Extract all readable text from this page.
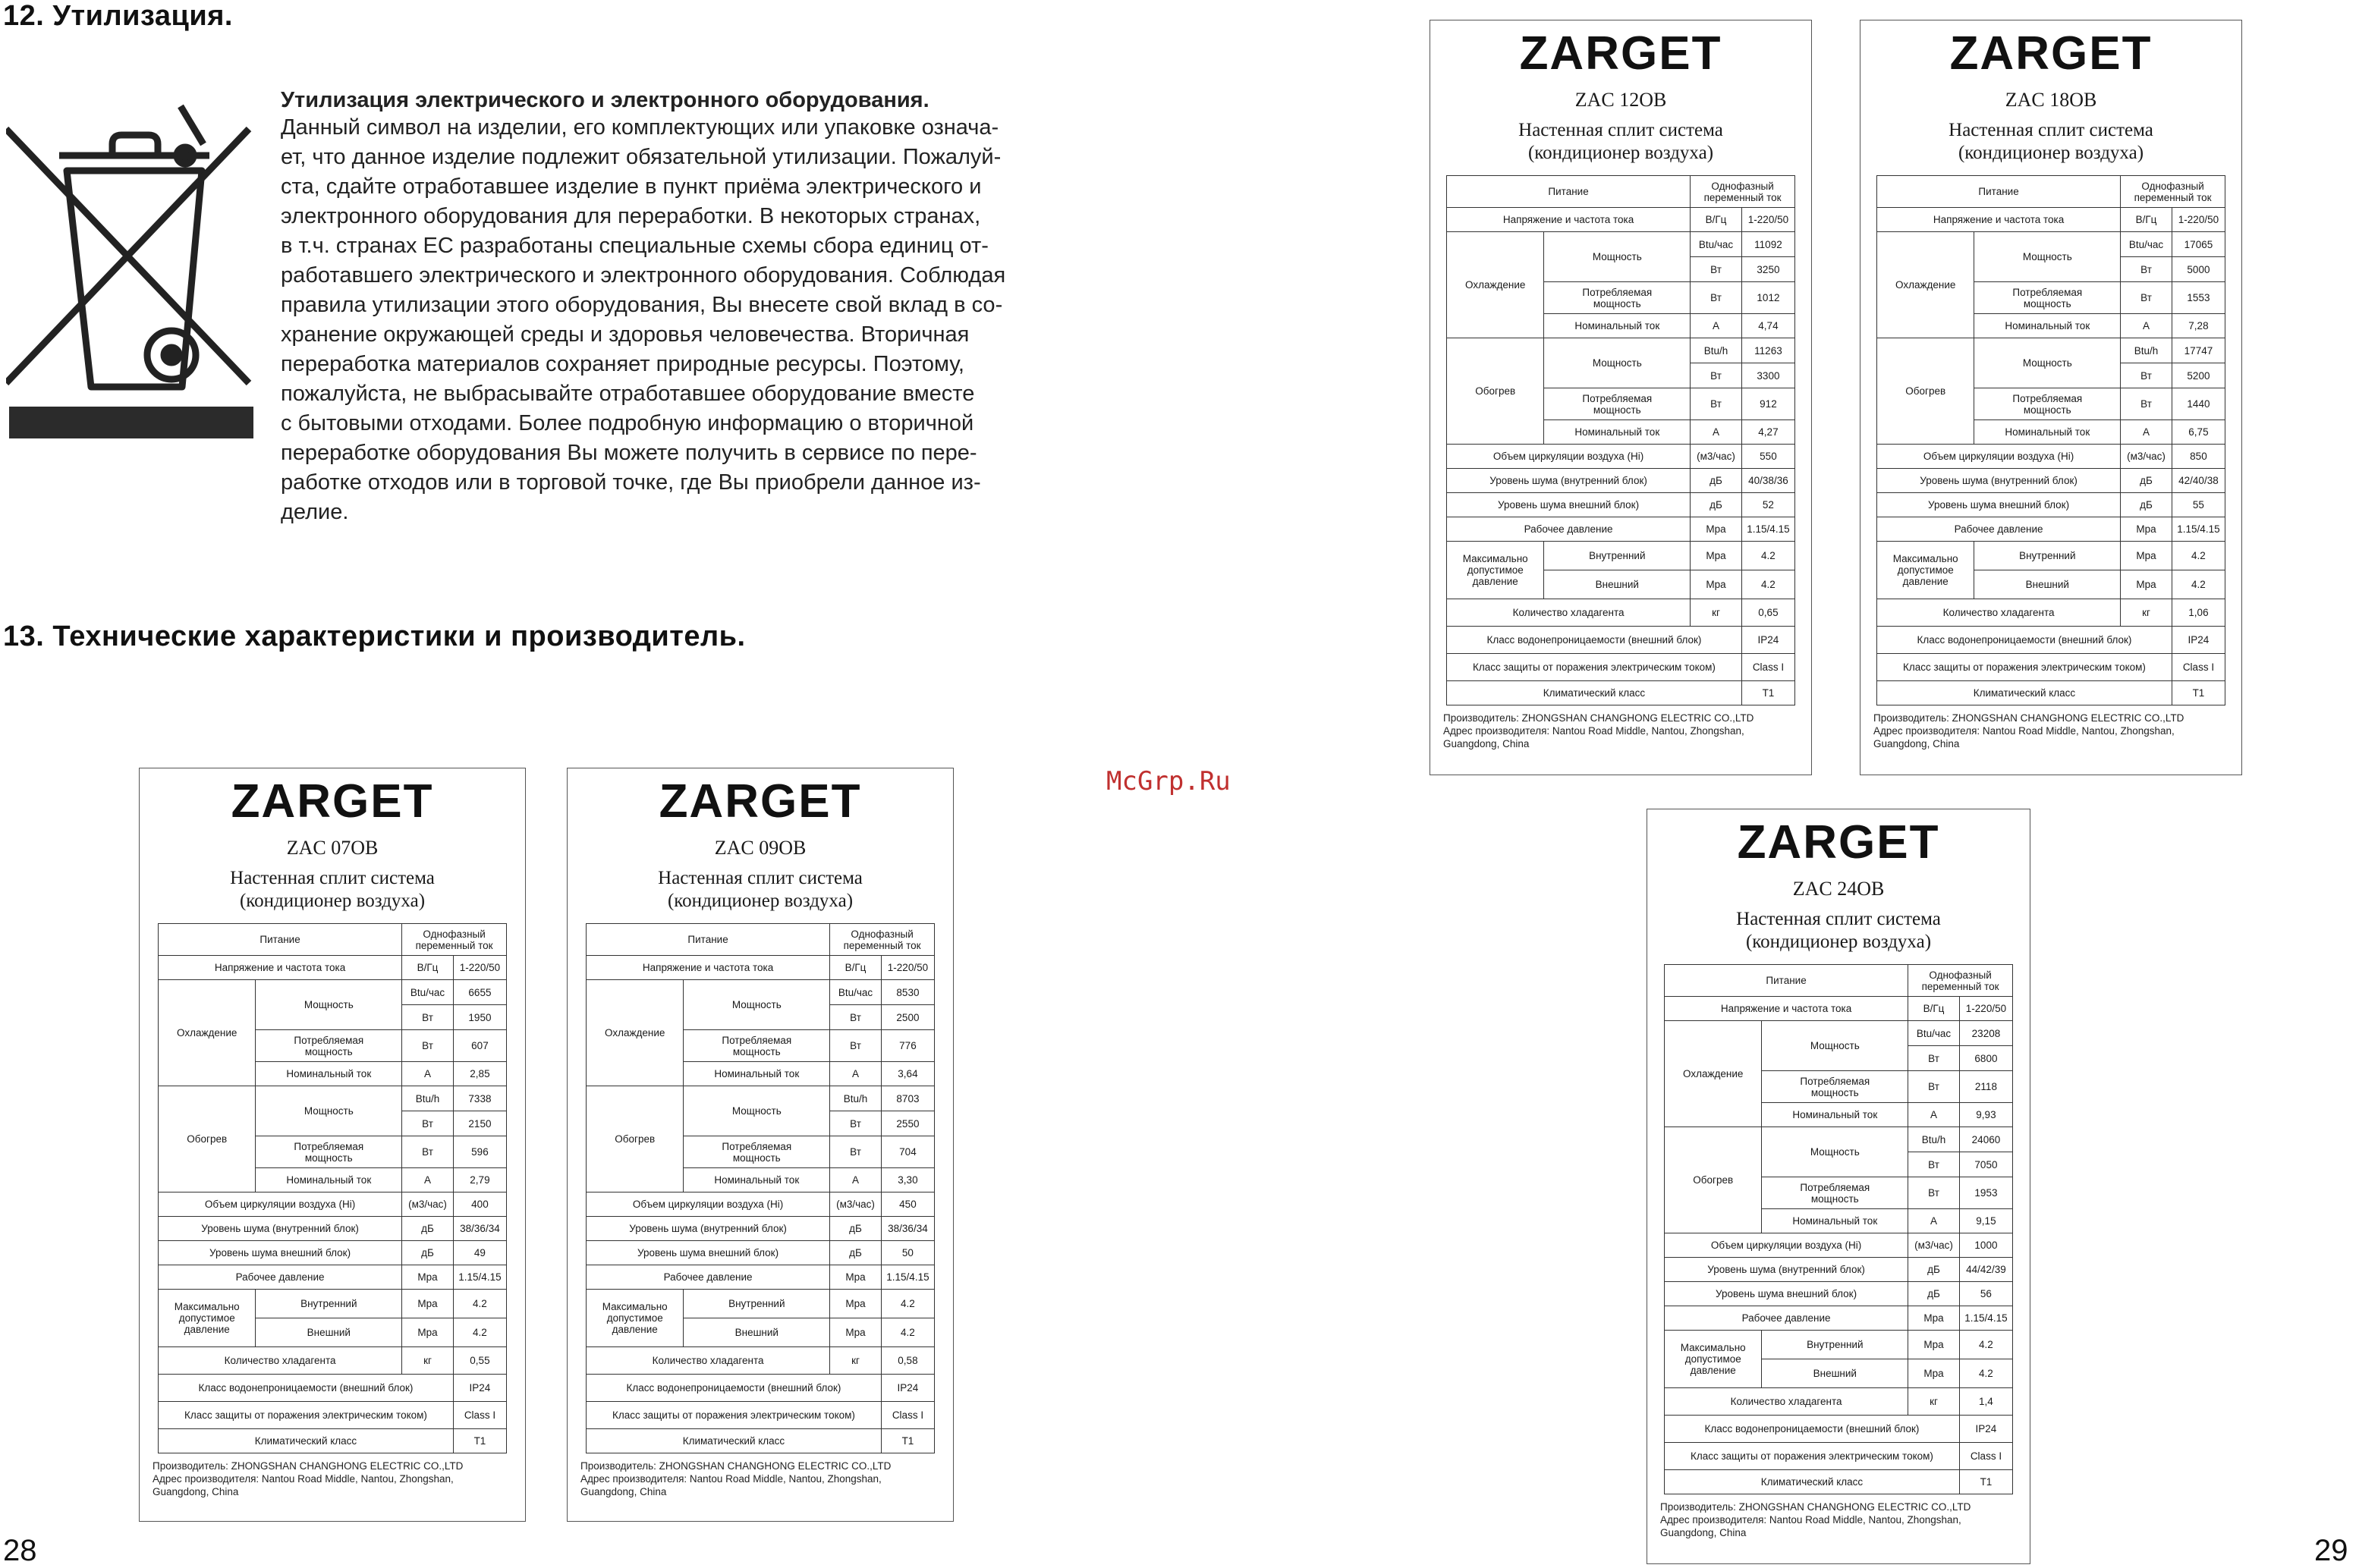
12. Утилизация.
Утилизация электрического и электронного оборудования.
Данный символ на изделии, его комплектующих или упаковке означа-
ет, что данное изделие подлежит обязательной утилизации. Пожалуй-
ста, сдайте отработавшее изделие в пункт приёма электрического и
электронного оборудования для переработки. В некоторых странах,
в т.ч. странах ЕС разработаны специальные схемы сбора единиц от-
работавшего электрического и электронного оборудования. Соблюдая
правила утилизации этого оборудования, Вы внесете свой вклад в со-
хранение окружающей среды и здоровья человечества. Вторичная
переработка материалов сохраняет природные ресурсы. Поэтому,
пожалуйста, не выбрасывайте отработавшее оборудование вместе
с бытовыми отходами. Более подробную информацию о вторичной
переработке оборудования Вы можете получить в сервисе по пере-
работке отходов или в торговой точке, где Вы приобрели данное из-
делие.
13. Технические характеристики и производитель.
McGrp.Ru
ZARGET
ZAC 07OB
Настенная сплит система
(кондиционер воздуха)
Питание		Однофазный
переменный ток	
Напряжение и частота тока		В/Гц	1-220/50
Охлаждение	Мощность	Btu/час	6655
		Вт	1950
	Потребляемая
мощность	Вт	607
	Номинальный ток	А	2,85
Обогрев	Мощность	Btu/h	7338
		Вт	2150
	Потребляемая
мощность	Вт	596
	Номинальный ток	А	2,79
Объем циркуляции воздуха (Hi)		(м3/час)	400
Уровень шума (внутренний блок)		дБ	38/36/34
Уровень шума внешний блок)		дБ	49
Рабочее давление		Мра	1.15/4.15
Максимально
допустимое
давление	Внутренний	Мра	4.2
	Внешний	Мра	4.2
Количество хладагента		кг	0,55
Класс водонепроницаемости (внешний блок)			IP24
Класс защиты от поражения электрическим током)			Class I
Климатический класс			T1
Производитель: ZHONGSHAN CHANGHONG ELECTRIC CO.,LTD
Адрес производителя: Nantou Road Middle, Nantou, Zhongshan,
Guangdong, China
ZARGET
ZAC 09OB
Настенная сплит система
(кондиционер воздуха)
Питание		Однофазный
переменный ток	
Напряжение и частота тока		В/Гц	1-220/50
Охлаждение	Мощность	Btu/час	8530
		Вт	2500
	Потребляемая
мощность	Вт	776
	Номинальный ток	А	3,64
Обогрев	Мощность	Btu/h	8703
		Вт	2550
	Потребляемая
мощность	Вт	704
	Номинальный ток	А	3,30
Объем циркуляции воздуха (Hi)		(м3/час)	450
Уровень шума (внутренний блок)		дБ	38/36/34
Уровень шума внешний блок)		дБ	50
Рабочее давление		Мра	1.15/4.15
Максимально
допустимое
давление	Внутренний	Мра	4.2
	Внешний	Мра	4.2
Количество хладагента		кг	0,58
Класс водонепроницаемости (внешний блок)			IP24
Класс защиты от поражения электрическим током)			Class I
Климатический класс			T1
Производитель: ZHONGSHAN CHANGHONG ELECTRIC CO.,LTD
Адрес производителя: Nantou Road Middle, Nantou, Zhongshan,
Guangdong, China
ZARGET
ZAC 12OB
Настенная сплит система
(кондиционер воздуха)
Питание		Однофазный
переменный ток	
Напряжение и частота тока		В/Гц	1-220/50
Охлаждение	Мощность	Btu/час	11092
		Вт	3250
	Потребляемая
мощность	Вт	1012
	Номинальный ток	А	4,74
Обогрев	Мощность	Btu/h	11263
		Вт	3300
	Потребляемая
мощность	Вт	912
	Номинальный ток	А	4,27
Объем циркуляции воздуха (Hi)		(м3/час)	550
Уровень шума (внутренний блок)		дБ	40/38/36
Уровень шума внешний блок)		дБ	52
Рабочее давление		Мра	1.15/4.15
Максимально
допустимое
давление	Внутренний	Мра	4.2
	Внешний	Мра	4.2
Количество хладагента		кг	0,65
Класс водонепроницаемости (внешний блок)			IP24
Класс защиты от поражения электрическим током)			Class I
Климатический класс			T1
Производитель: ZHONGSHAN CHANGHONG ELECTRIC CO.,LTD
Адрес производителя: Nantou Road Middle, Nantou, Zhongshan,
Guangdong, China
ZARGET
ZAC 18OB
Настенная сплит система
(кондиционер воздуха)
Питание		Однофазный
переменный ток	
Напряжение и частота тока		В/Гц	1-220/50
Охлаждение	Мощность	Btu/час	17065
		Вт	5000
	Потребляемая
мощность	Вт	1553
	Номинальный ток	А	7,28
Обогрев	Мощность	Btu/h	17747
		Вт	5200
	Потребляемая
мощность	Вт	1440
	Номинальный ток	А	6,75
Объем циркуляции воздуха (Hi)		(м3/час)	850
Уровень шума (внутренний блок)		дБ	42/40/38
Уровень шума внешний блок)		дБ	55
Рабочее давление		Мра	1.15/4.15
Максимально
допустимое
давление	Внутренний	Мра	4.2
	Внешний	Мра	4.2
Количество хладагента		кг	1,06
Класс водонепроницаемости (внешний блок)			IP24
Класс защиты от поражения электрическим током)			Class I
Климатический класс			T1
Производитель: ZHONGSHAN CHANGHONG ELECTRIC CO.,LTD
Адрес производителя: Nantou Road Middle, Nantou, Zhongshan,
Guangdong, China
ZARGET
ZAC 24OB
Настенная сплит система
(кондиционер воздуха)
Питание		Однофазный
переменный ток	
Напряжение и частота тока		В/Гц	1-220/50
Охлаждение	Мощность	Btu/час	23208
		Вт	6800
	Потребляемая
мощность	Вт	2118
	Номинальный ток	А	9,93
Обогрев	Мощность	Btu/h	24060
		Вт	7050
	Потребляемая
мощность	Вт	1953
	Номинальный ток	А	9,15
Объем циркуляции воздуха (Hi)		(м3/час)	1000
Уровень шума (внутренний блок)		дБ	44/42/39
Уровень шума внешний блок)		дБ	56
Рабочее давление		Мра	1.15/4.15
Максимально
допустимое
давление	Внутренний	Мра	4.2
	Внешний	Мра	4.2
Количество хладагента		кг	1,4
Класс водонепроницаемости (внешний блок)			IP24
Класс защиты от поражения электрическим током)			Class I
Климатический класс			T1
Производитель: ZHONGSHAN CHANGHONG ELECTRIC CO.,LTD
Адрес производителя: Nantou Road Middle, Nantou, Zhongshan,
Guangdong, China
28	29
